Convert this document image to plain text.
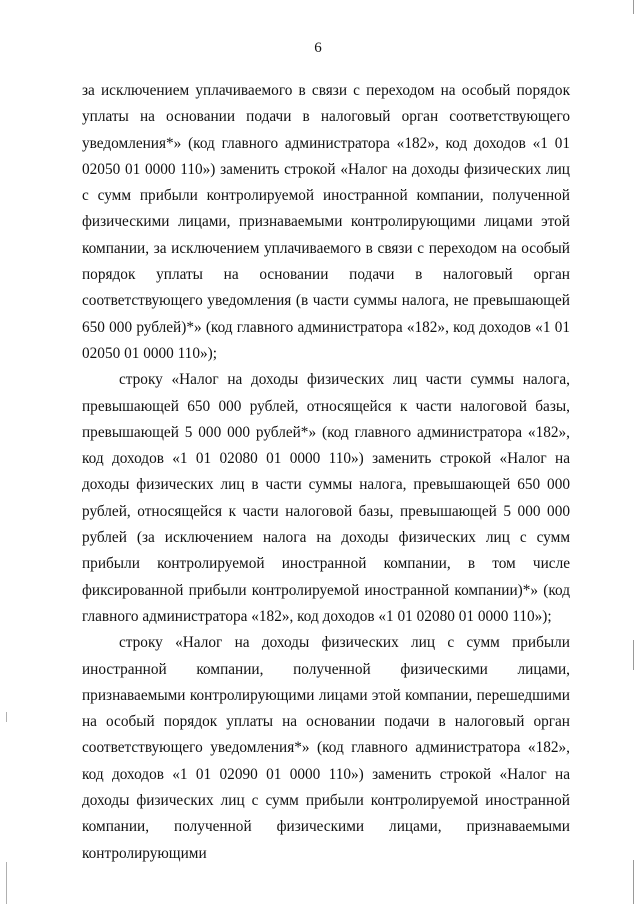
6

за исключением уплачиваемого в связи с переходом на особый порядок уплаты на основании подачи в налоговый орган соответствующего уведомления*» (код главного администратора «182», код доходов «1 01 02050 01 0000 110») заменить строкой «Налог на доходы физических лиц с сумм прибыли контролируемой иностранной компании, полученной физическими лицами, признаваемыми контролирующими лицами этой компании, за исключением уплачиваемого в связи с переходом на особый порядок уплаты на основании подачи в налоговый орган соответствующего уведомления (в части суммы налога, не превышающей 650 000 рублей)*» (код главного администратора «182», код доходов «1 01 02050 01 0000 110»);

строку «Налог на доходы физических лиц части суммы налога, превышающей 650 000 рублей, относящейся к части налоговой базы, превышающей 5 000 000 рублей*» (код главного администратора «182», код доходов «1 01 02080 01 0000 110») заменить строкой «Налог на доходы физических лиц в части суммы налога, превышающей 650 000 рублей, относящейся к части налоговой базы, превышающей 5 000 000 рублей (за исключением налога на доходы физических лиц с сумм прибыли контролируемой иностранной компании, в том числе фиксированной прибыли контролируемой иностранной компании)*» (код главного администратора «182», код доходов «1 01 02080 01 0000 110»);

строку «Налог на доходы физических лиц с сумм прибыли иностранной компании, полученной физическими лицами, признаваемыми контролирующими лицами этой компании, перешедшими на особый порядок уплаты на основании подачи в налоговый орган соответствующего уведомления*» (код главного администратора «182», код доходов «1 01 02090 01 0000 110») заменить строкой «Налог на доходы физических лиц с сумм прибыли контролируемой иностранной компании, полученной физическими лицами, признаваемыми контролирующими
